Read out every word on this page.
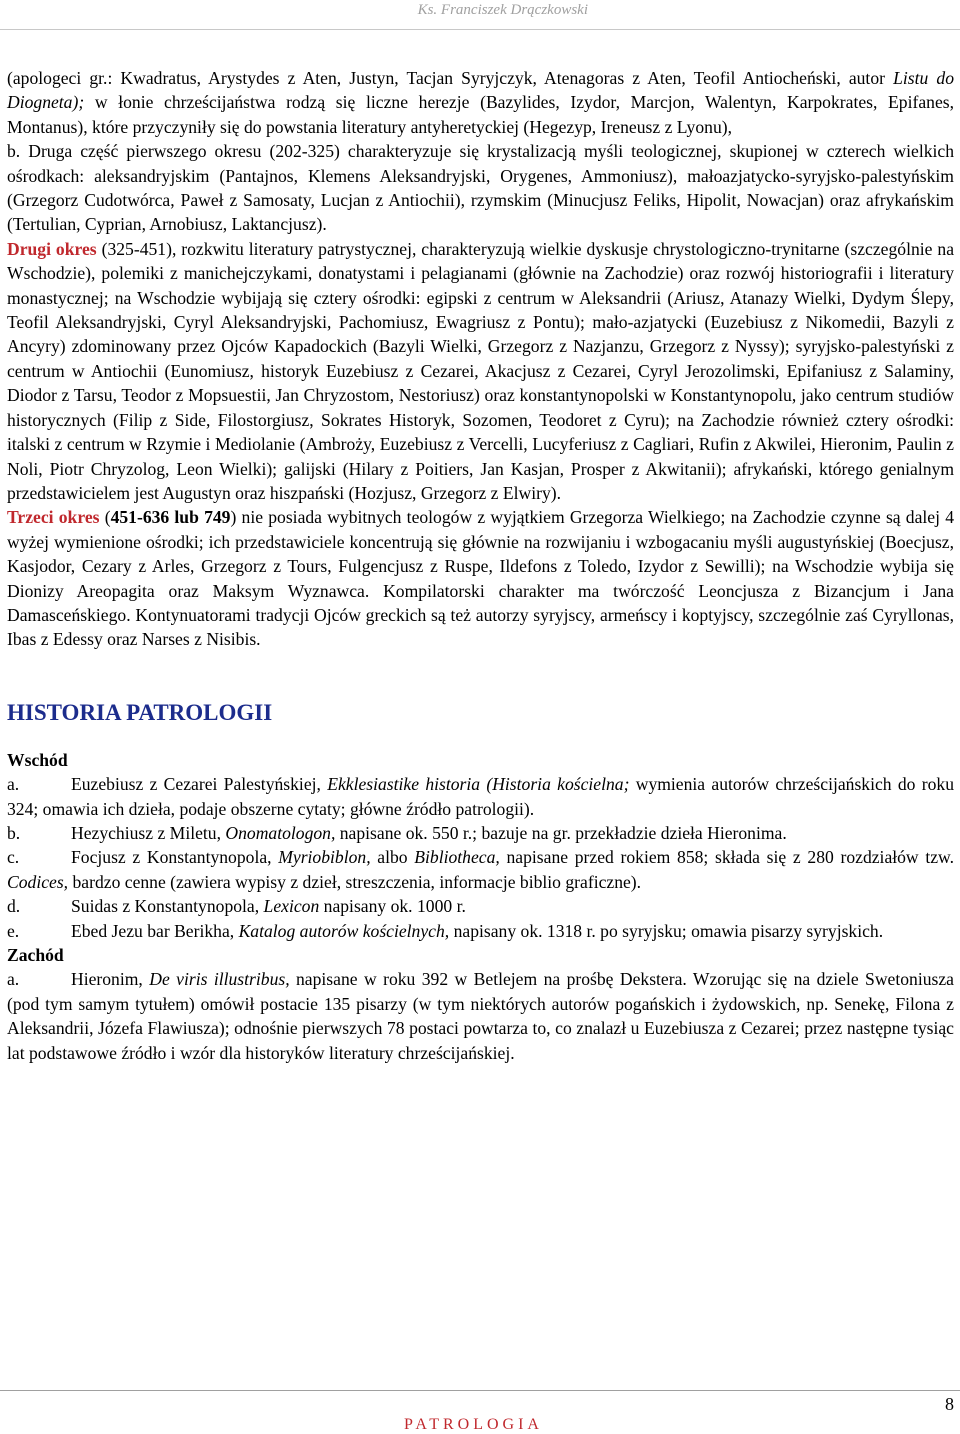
Ks. Franciszek Drączkowski

(apologeci gr.: Kwadratus, Arystydes z Aten, Justyn, Tacjan Syryjczyk, Atenagoras z Aten, Teofil Antiocheński, autor Listu do Diogneta); w łonie chrześcijaństwa rodzą się liczne herezje (Bazylides, Izydor, Marcjon, Walentyn, Karpokrates, Epifanes, Montanus), które przyczyniły się do powstania literatury antyheretyckiej (Hegezyp, Ireneusz z Lyonu),

b. Druga część pierwszego okresu (202-325) charakteryzuje się krystalizacją myśli teologicznej, skupionej w czterech wielkich ośrodkach: aleksandryjskim (Pantajnos, Klemens Aleksandryjski, Orygenes, Ammoniusz), małoazjatycko-syryjsko-palestyńskim (Grzegorz Cudotwórca, Paweł z Samosaty, Lucjan z Antiochii), rzymskim (Minucjusz Feliks, Hipolit, Nowacjan) oraz afrykańskim (Tertulian, Cyprian, Arnobiusz, Laktancjusz).

Drugi okres (325-451), rozkwitu literatury patrystycznej, charakteryzują wielkie dyskusje chrystologiczno-trynitarne (szczególnie na Wschodzie), polemiki z manichejczykami, donatystami i pelagianami (głównie na Zachodzie) oraz rozwój historiografii i literatury monastycznej; na Wschodzie wybijają się cztery ośrodki: egipski z centrum w Aleksandrii (Ariusz, Atanazy Wielki, Dydym Ślepy, Teofil Aleksandryjski, Cyryl Aleksandryjski, Pachomiusz, Ewagriusz z Pontu); mało-azjatycki (Euzebiusz z Nikomedii, Bazyli z Ancyry) zdominowany przez Ojców Kapadockich (Bazyli Wielki, Grzegorz z Nazjanzu, Grzegorz z Nyssy); syryjsko-palestyński z centrum w Antiochii (Eunomiusz, historyk Euzebiusz z Cezarei, Akacjusz z Cezarei, Cyryl Jerozolimski, Epifaniusz z Salaminy, Diodor z Tarsu, Teodor z Mopsuestii, Jan Chryzostom, Nestoriusz) oraz konstantynopolski w Konstantynopolu, jako centrum studiów historycznych (Filip z Side, Filostorgiusz, Sokrates Historyk, Sozomen, Teodoret z Cyru); na Zachodzie również cztery ośrodki: italski z centrum w Rzymie i Mediolanie (Ambroży, Euzebiusz z Vercelli, Lucyferiusz z Cagliari, Rufin z Akwilei, Hieronim, Paulin z Noli, Piotr Chryzolog, Leon Wielki); galijski (Hilary z Poitiers, Jan Kasjan, Prosper z Akwitanii); afrykański, którego genialnym przedstawicielem jest Augustyn oraz hiszpański (Hozjusz, Grzegorz z Elwiry).

Trzeci okres (451-636 lub 749) nie posiada wybitnych teologów z wyjątkiem Grzegorza Wielkiego; na Zachodzie czynne są dalej 4 wyżej wymienione ośrodki; ich przedstawiciele koncentrują się głównie na rozwijaniu i wzbogacaniu myśli augustyńskiej (Boecjusz, Kasjodor, Cezary z Arles, Grzegorz z Tours, Fulgencjusz z Ruspe, Ildefons z Toledo, Izydor z Sewilli); na Wschodzie wybija się Dionizy Areopagita oraz Maksym Wyznawca. Kompilatorski charakter ma twórczość Leoncjusza z Bizancjum i Jana Damasceńskiego. Kontynuatorami tradycji Ojców greckich są też autorzy syryjscy, armeńscy i koptyjscy, szczególnie zaś Cyryllonas, Ibas z Edessy oraz Narses z Nisibis.

HISTORIA PATROLOGII

Wschód

a.	Euzebiusz z Cezarei Palestyńskiej, Ekklesiastike historia (Historia kościelna; wymienia autorów chrześcijańskich do roku 324; omawia ich dzieła, podaje obszerne cytaty; główne źródło patrologii).

b.	Hezychiusz z Miletu, Onomatologon, napisane ok. 550 r.; bazuje na gr. przekładzie dzieła Hieronima.

c.	Focjusz z Konstantynopola, Myriobiblon, albo Bibliotheca, napisane przed rokiem 858; składa się z 280 rozdziałów tzw. Codices, bardzo cenne (zawiera wypisy z dzieł, streszczenia, informacje biblio graficzne).

d.	Suidas z Konstantynopola, Lexicon napisany ok. 1000 r.

e.	Ebed Jezu bar Berikha, Katalog autorów kościelnych, napisany ok. 1318 r. po syryjsku; omawia pisarzy syryjskich.

Zachód

a.	Hieronim, De viris illustribus, napisane w roku 392 w Betlejem na prośbę Dekstera. Wzorując się na dziele Swetoniusza (pod tym samym tytułem) omówił postacie 135 pisarzy (w tym niektórych autorów pogańskich i żydowskich, np. Senekę, Filona z Aleksandrii, Józefa Flawiusza); odnośnie pierwszych 78 postaci powtarza to, co znalazł u Euzebiusza z Cezarei; przez następne tysiąc lat podstawowe źródło i wzór dla historyków literatury chrześcijańskiej.

8
PATROLOGIA
